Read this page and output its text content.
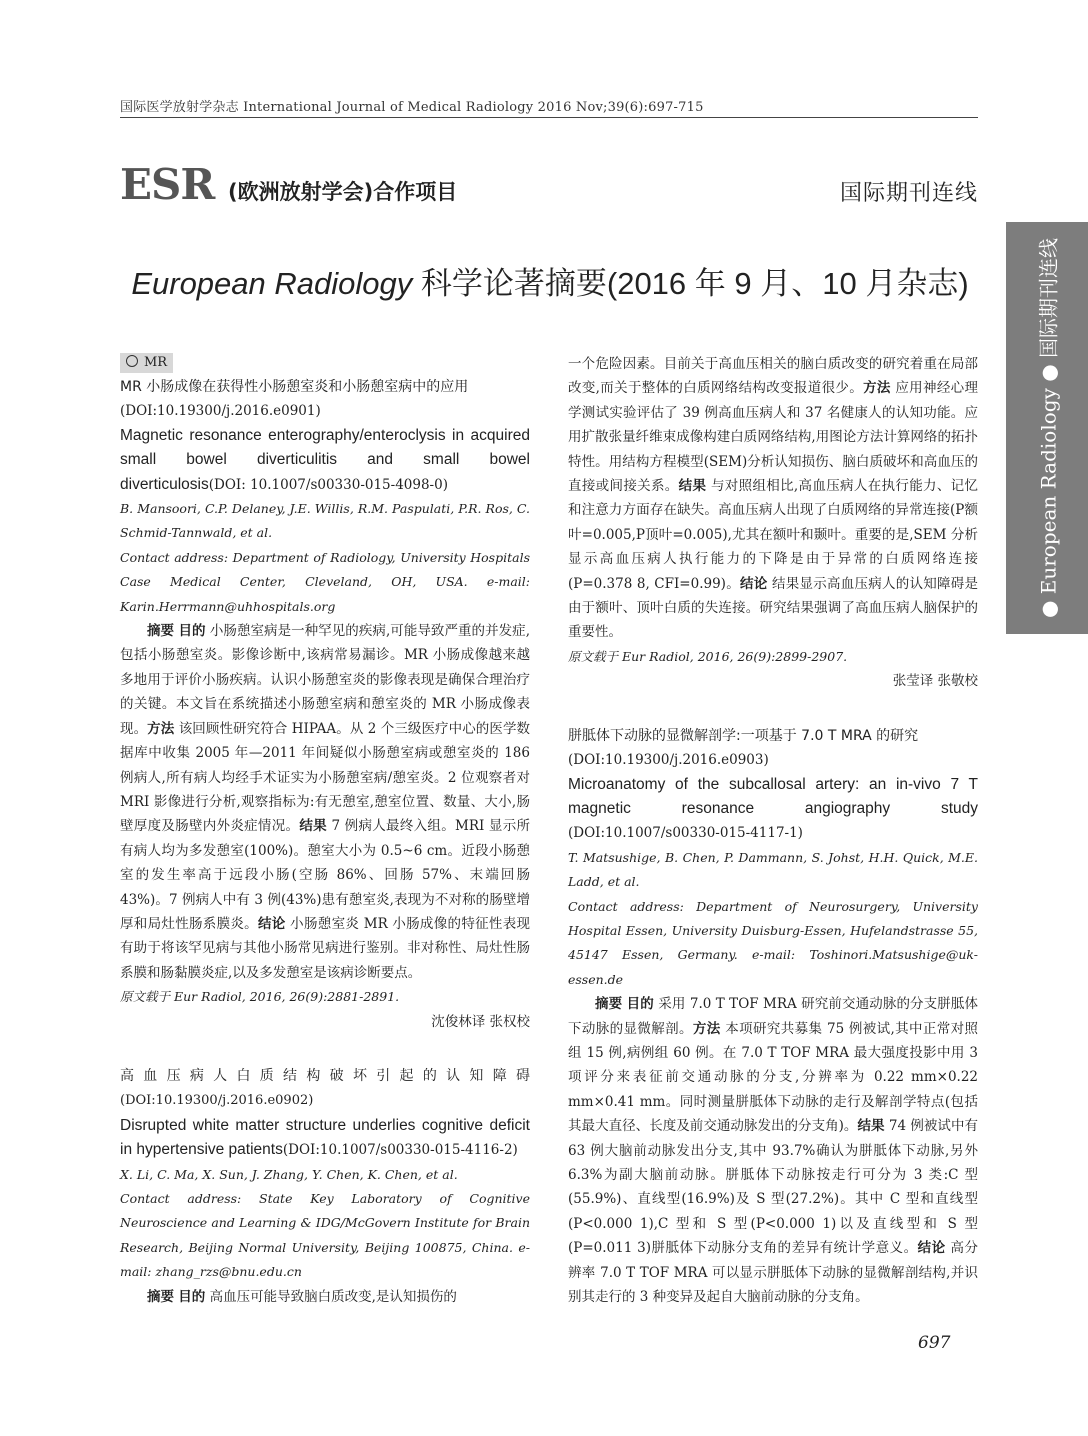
国际医学放射学杂志 International Journal of Medical Radiology 2016 Nov;39(6):697-715
ESR (欧洲放射学会)合作项目	国际期刊连线
European Radiology 科学论著摘要(2016 年 9 月、10 月杂志)	● European Radiology ● 国际期刊连线
MR

MR 小肠成像在获得性小肠憩室炎和小肠憩室病中的应用

(DOI:10.19300/j.2016.e0901)

Magnetic resonance enterography/enteroclysis in acquired small bowel diverticulitis and small bowel diverticulosis(DOI: 10.1007/s00330-015-4098-0)

B. Mansoori, C.P. Delaney, J.E. Willis, R.M. Paspulati, P.R. Ros, C. Schmid-Tannwald, et al.

Contact address: Department of Radiology, University Hospitals Case Medical Center, Cleveland, OH, USA. e-mail: Karin.Herrmann@uhhospitals.org

摘要 目的 小肠憩室病是一种罕见的疾病,可能导致严重的并发症,包括小肠憩室炎。影像诊断中,该病常易漏诊。MR 小肠成像越来越多地用于评价小肠疾病。认识小肠憩室炎的影像表现是确保合理治疗的关键。本文旨在系统描述小肠憩室病和憩室炎的 MR 小肠成像表现。方法 该回顾性研究符合 HIPAA。从 2 个三级医疗中心的医学数据库中收集 2005 年—2011 年间疑似小肠憩室病或憩室炎的 186 例病人,所有病人均经手术证实为小肠憩室病/憩室炎。2 位观察者对 MRI 影像进行分析,观察指标为:有无憩室,憩室位置、数量、大小,肠壁厚度及肠壁内外炎症情况。结果 7 例病人最终入组。MRI 显示所有病人均为多发憩室(100%)。憩室大小为 0.5~6 cm。近段小肠憩室的发生率高于远段小肠(空肠 86%、回肠 57%、末端回肠 43%)。7 例病人中有 3 例(43%)患有憩室炎,表现为不对称的肠壁增厚和局灶性肠系膜炎。结论 小肠憩室炎 MR 小肠成像的特征性表现有助于将该罕见病与其他小肠常见病进行鉴别。非对称性、局灶性肠系膜和肠黏膜炎症,以及多发憩室是该病诊断要点。

原文载于 Eur Radiol, 2016, 26(9):2881-2891.

沈俊林译 张权校

高血压病人白质结构破坏引起的认知障碍(DOI:10.19300/j.2016.e0902)

Disrupted white matter structure underlies cognitive deficit in hypertensive patients(DOI:10.1007/s00330-015-4116-2)

X. Li, C. Ma, X. Sun, J. Zhang, Y. Chen, K. Chen, et al.

Contact address: State Key Laboratory of Cognitive Neuroscience and Learning & IDG/McGovern Institute for Brain Research, Beijing Normal University, Beijing 100875, China. e-mail: zhang_rzs@bnu.edu.cn

摘要 目的 高血压可能导致脑白质改变,是认知损伤的

一个危险因素。目前关于高血压相关的脑白质改变的研究着重在局部改变,而关于整体的白质网络结构改变报道很少。方法 应用神经心理学测试实验评估了 39 例高血压病人和 37 名健康人的认知功能。应用扩散张量纤维束成像构建白质网络结构,用图论方法计算网络的拓扑特性。用结构方程模型(SEM)分析认知损伤、脑白质破坏和高血压的直接或间接关系。结果 与对照组相比,高血压病人在执行能力、记忆和注意力方面存在缺失。高血压病人出现了白质网络的异常连接(P额叶=0.005,P顶叶=0.005),尤其在额叶和颞叶。重要的是,SEM 分析显示高血压病人执行能力的下降是由于异常的白质网络连接(P=0.378 8, CFI=0.99)。结论 结果显示高血压病人的认知障碍是由于额叶、顶叶白质的失连接。研究结果强调了高血压病人脑保护的重要性。

原文载于 Eur Radiol, 2016, 26(9):2899-2907.

张莹译 张敬校

胼胝体下动脉的显微解剖学:一项基于 7.0 T MRA 的研究

(DOI:10.19300/j.2016.e0903)

Microanatomy of the subcallosal artery: an in-vivo 7 T magnetic resonance angiography study (DOI:10.1007/s00330-015-4117-1)

T. Matsushige, B. Chen, P. Dammann, S. Johst, H.H. Quick, M.E. Ladd, et al.

Contact address: Department of Neurosurgery, University Hospital Essen, University Duisburg-Essen, Hufelandstrasse 55, 45147 Essen, Germany. e-mail: Toshinori.Matsushige@uk-essen.de

摘要 目的 采用 7.0 T TOF MRA 研究前交通动脉的分支胼胝体下动脉的显微解剖。方法 本项研究共募集 75 例被试,其中正常对照组 15 例,病例组 60 例。在 7.0 T TOF MRA 最大强度投影中用 3 项评分来表征前交通动脉的分支,分辨率为 0.22 mm×0.22 mm×0.41 mm。同时测量胼胝体下动脉的走行及解剖学特点(包括其最大直径、长度及前交通动脉发出的分支角)。结果 74 例被试中有 63 例大脑前动脉发出分支,其中 93.7%确认为胼胝体下动脉,另外 6.3%为副大脑前动脉。胼胝体下动脉按走行可分为 3 类:C 型(55.9%)、直线型(16.9%)及 S 型(27.2%)。其中 C 型和直线型(P<0.000 1),C 型和 S 型(P<0.000 1)以及直线型和 S 型(P=0.011 3)胼胝体下动脉分支角的差异有统计学意义。结论 高分辨率 7.0 T TOF MRA 可以显示胼胝体下动脉的显微解剖结构,并识别其走行的 3 种变异及起自大脑前动脉的分支角。

697
